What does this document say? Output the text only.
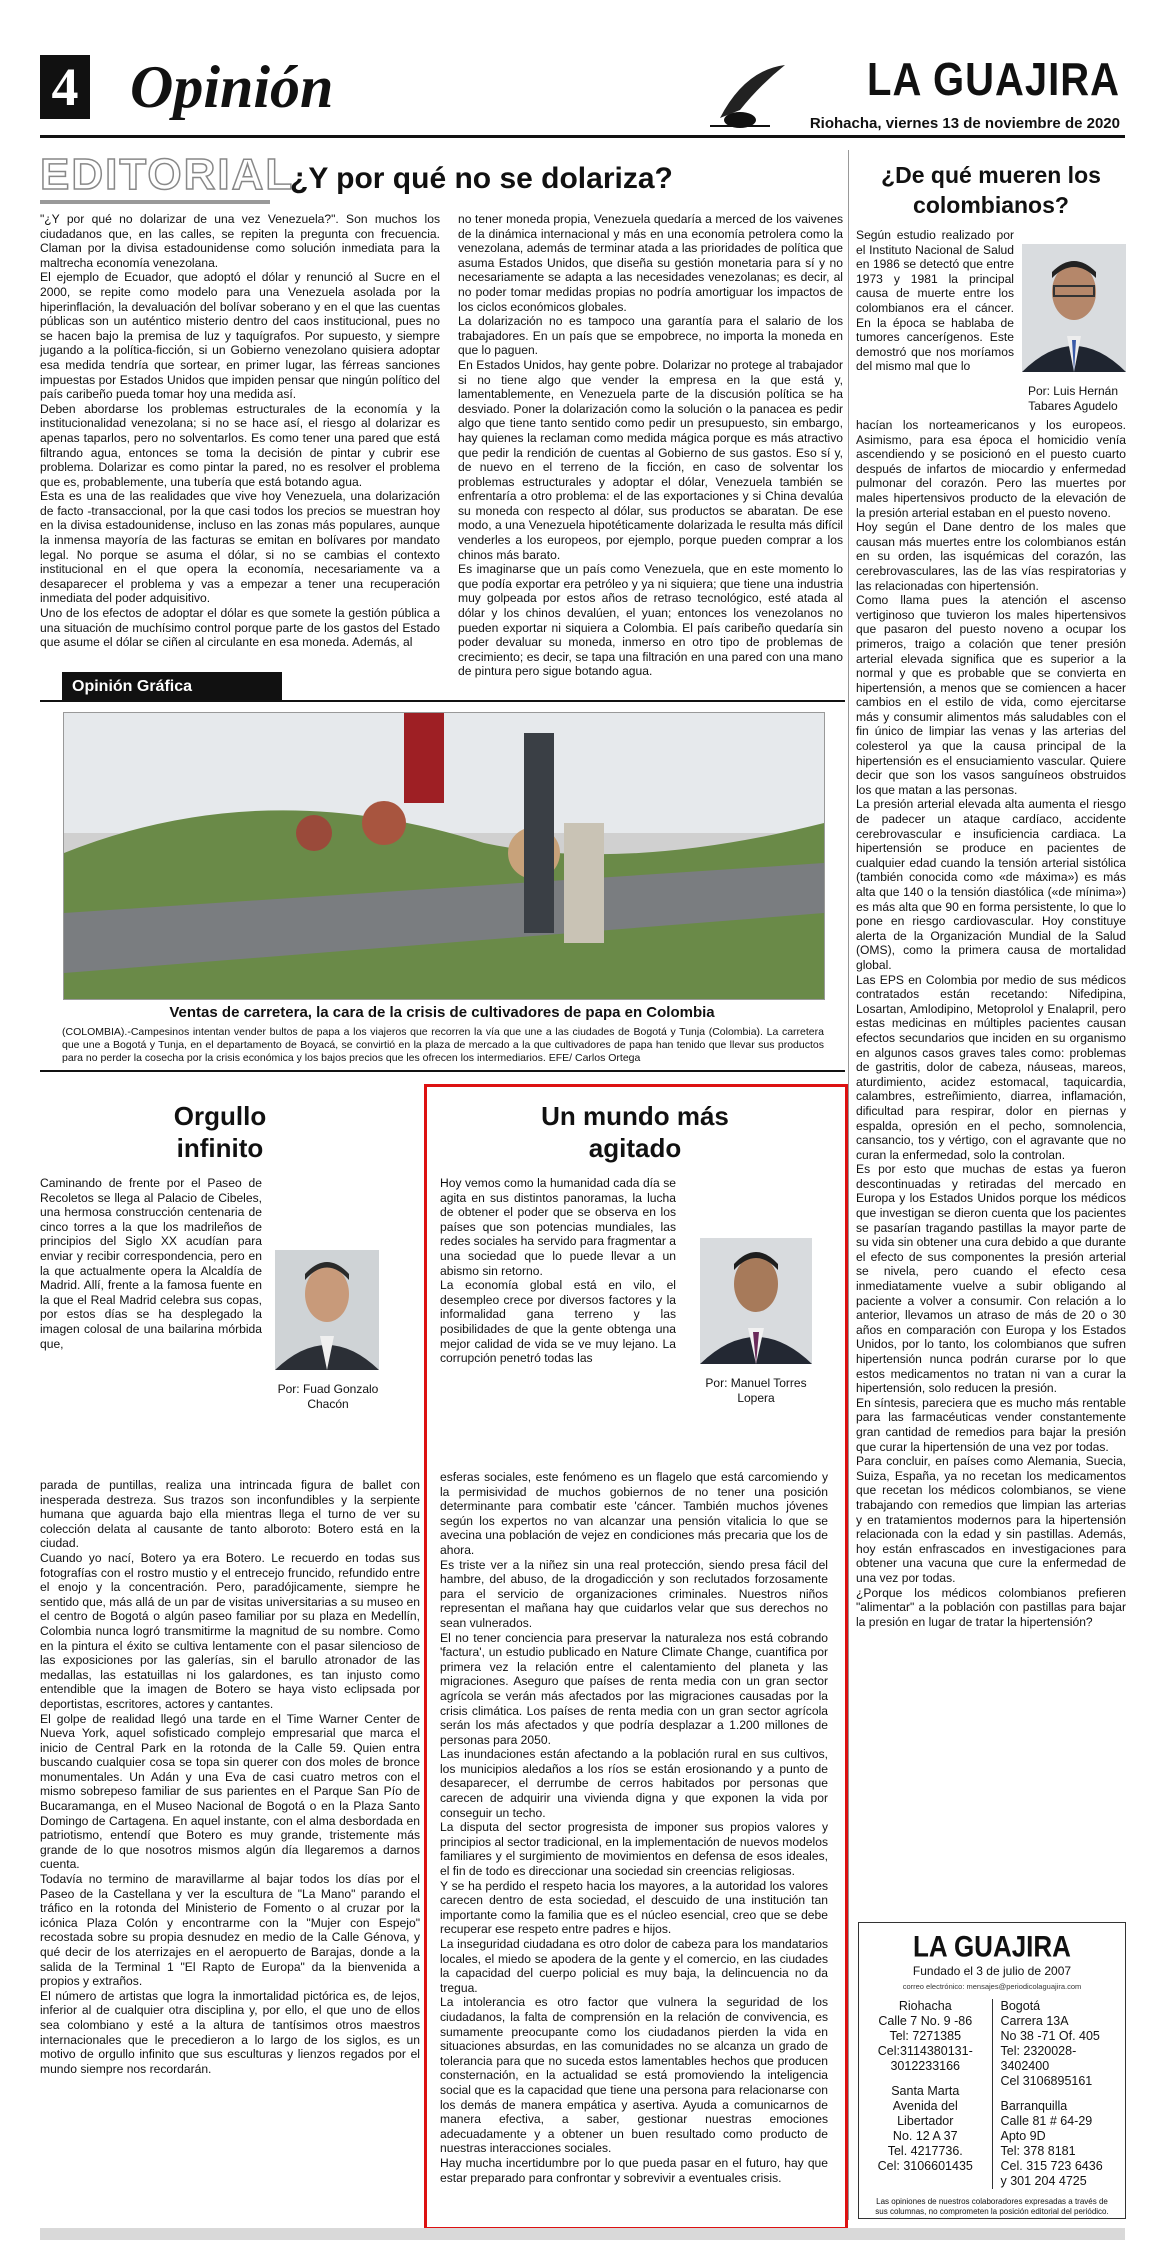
4 Opinión	LA GUAJIRA
Riohacha, viernes 13 de noviembre de 2020
EDITORIAL
¿Y por qué no se dolariza?

"¿Y por qué no dolarizar de una vez Venezuela?". Son muchos los ciudadanos que, en las calles, se repiten la pregunta con frecuencia. Claman por la divisa estadounidense como solución inmediata para la maltrecha economía venezolana.

El ejemplo de Ecuador, que adoptó el dólar y renunció al Sucre en el 2000, se repite como modelo para una Venezuela asolada por la hiperinflación, la devaluación del bolívar soberano y en el que las cuentas públicas son un auténtico misterio dentro del caos institucional, pues no se hacen bajo la premisa de luz y taquígrafos. Por supuesto, y siempre jugando a la política-ficción, si un Gobierno venezolano quisiera adoptar esa medida tendría que sortear, en primer lugar, las férreas sanciones impuestas por Estados Unidos que impiden pensar que ningún político del país caribeño pueda tomar hoy una medida así.

Deben abordarse los problemas estructurales de la economía y la institucionalidad venezolana; si no se hace así, el riesgo al dolarizar es apenas taparlos, pero no solventarlos. Es como tener una pared que está filtrando agua, entonces se toma la decisión de pintar y cubrir ese problema. Dolarizar es como pintar la pared, no es resolver el problema que es, probablemente, una tubería que está botando agua.

Esta es una de las realidades que vive hoy Venezuela, una dolarización de facto -transaccional, por la que casi todos los precios se muestran hoy en la divisa estadounidense, incluso en las zonas más populares, aunque la inmensa mayoría de las facturas se emitan en bolívares por mandato legal. No porque se asuma el dólar, si no se cambias el contexto institucional en el que opera la economía, necesariamente va a desaparecer el problema y vas a empezar a tener una recuperación inmediata del poder adquisitivo.

Uno de los efectos de adoptar el dólar es que somete la gestión pública a una situación de muchísimo control porque parte de los gastos del Estado que asume el dólar se ciñen al circulante en esa moneda. Además, al

no tener moneda propia, Venezuela quedaría a merced de los vaivenes de la dinámica internacional y más en una economía petrolera como la venezolana, además de terminar atada a las prioridades de política que asuma Estados Unidos, que diseña su gestión monetaria para sí y no necesariamente se adapta a las necesidades venezolanas; es decir, al no poder tomar medidas propias no podría amortiguar los impactos de los ciclos económicos globales.

La dolarización no es tampoco una garantía para el salario de los trabajadores. En un país que se empobrece, no importa la moneda en que lo paguen.

En Estados Unidos, hay gente pobre. Dolarizar no protege al trabajador si no tiene algo que vender la empresa en la que está y, lamentablemente, en Venezuela parte de la discusión política se ha desviado. Poner la dolarización como la solución o la panacea es pedir algo que tiene tanto sentido como pedir un presupuesto, sin embargo, hay quienes la reclaman como medida mágica porque es más atractivo que pedir la rendición de cuentas al Gobierno de sus gastos. Eso sí y, de nuevo en el terreno de la ficción, en caso de solventar los problemas estructurales y adoptar el dólar, Venezuela también se enfrentaría a otro problema: el de las exportaciones y si China devalúa su moneda con respecto al dólar, sus productos se abaratan. De ese modo, a una Venezuela hipotéticamente dolarizada le resulta más difícil venderles a los europeos, por ejemplo, porque pueden comprar a los chinos más barato.

Es imaginarse que un país como Venezuela, que en este momento lo que podía exportar era petróleo y ya ni siquiera; que tiene una industria muy golpeada por estos años de retraso tecnológico, esté atada al dólar y los chinos devalúen, el yuan; entonces los venezolanos no pueden exportar ni siquiera a Colombia. El país caribeño quedaría sin poder devaluar su moneda, inmerso en otro tipo de problemas de crecimiento; es decir, se tapa una filtración en una pared con una mano de pintura pero sigue botando agua.

Opinión Gráfica
Ventas de carretera, la cara de la crisis de cultivadores de papa en Colombia
(COLOMBIA).-Campesinos intentan vender bultos de papa a los viajeros que recorren la vía que une a las ciudades de Bogotá y Tunja (Colombia). La carretera que une a Bogotá y Tunja, en el departamento de Boyacá, se convirtió en la plaza de mercado a la que cultivadores de papa han tenido que llevar sus productos para no perder la cosecha por la crisis económica y los bajos precios que les ofrecen los intermediarios. EFE/ Carlos Ortega
Orgullo
infinito
Caminando de frente por el Paseo de Recoletos se llega al Palacio de Cibeles, una hermosa construcción centenaria de cinco torres a la que los madrileños de principios del Siglo XX acudían para enviar y recibir correspondencia, pero en la que actualmente opera la Alcaldía de Madrid. Allí, frente a la famosa fuente en la que el Real Madrid celebra sus copas, por estos días se ha desplegado la imagen colosal de una bailarina mórbida que,
Por: Fuad Gonzalo Chacón

parada de puntillas, realiza una intrincada figura de ballet con inesperada destreza. Sus trazos son inconfundibles y la serpiente humana que aguarda bajo ella mientras llega el turno de ver su colección delata al causante de tanto alboroto: Botero está en la ciudad.

Cuando yo nací, Botero ya era Botero. Le recuerdo en todas sus fotografías con el rostro mustio y el entrecejo fruncido, refundido entre el enojo y la concentración. Pero, paradójicamente, siempre he sentido que, más allá de un par de visitas universitarias a su museo en el centro de Bogotá o algún paseo familiar por su plaza en Medellín, Colombia nunca logró transmitirme la magnitud de su nombre. Como en la pintura el éxito se cultiva lentamente con el pasar silencioso de las exposiciones por las galerías, sin el barullo atronador de las medallas, las estatuillas ni los galardones, es tan injusto como entendible que la imagen de Botero se haya visto eclipsada por deportistas, escritores, actores y cantantes.

El golpe de realidad llegó una tarde en el Time Warner Center de Nueva York, aquel sofisticado complejo empresarial que marca el inicio de Central Park en la rotonda de la Calle 59. Quien entra buscando cualquier cosa se topa sin querer con dos moles de bronce monumentales. Un Adán y una Eva de casi cuatro metros con el mismo sobrepeso familiar de sus parientes en el Parque San Pío de Bucaramanga, en el Museo Nacional de Bogotá o en la Plaza Santo Domingo de Cartagena. En aquel instante, con el alma desbordada en patriotismo, entendí que Botero es muy grande, tristemente más grande de lo que nosotros mismos algún día llegaremos a darnos cuenta.

Todavía no termino de maravillarme al bajar todos los días por el Paseo de la Castellana y ver la escultura de "La Mano" parando el tráfico en la rotonda del Ministerio de Fomento o al cruzar por la icónica Plaza Colón y encontrarme con la "Mujer con Espejo" recostada sobre su propia desnudez en medio de la Calle Génova, y qué decir de los aterrizajes en el aeropuerto de Barajas, donde a la salida de la Terminal 1 "El Rapto de Europa" da la bienvenida a propios y extraños.

El número de artistas que logra la inmortalidad pictórica es, de lejos, inferior al de cualquier otra disciplina y, por ello, el que uno de ellos sea colombiano y esté a la altura de tantísimos otros maestros internacionales que le precedieron a lo largo de los siglos, es un motivo de orgullo infinito que sus esculturas y lienzos regados por el mundo siempre nos recordarán.

Un mundo más
agitado

Hoy vemos como la humanidad cada día se agita en sus distintos panoramas, la lucha de obtener el poder que se observa en los países que son potencias mundiales, las redes sociales ha servido para fragmentar a una sociedad que lo puede llevar a un abismo sin retorno.

La economía global está en vilo, el desempleo crece por diversos factores y la informalidad gana terreno y las posibilidades de que la gente obtenga una mejor calidad de vida se ve muy lejano. La corrupción penetró todas las

Por: Manuel Torres Lopera

esferas sociales, este fenómeno es un flagelo que está carcomiendo y la permisividad de muchos gobiernos de no tener una posición determinante para combatir este 'cáncer. También muchos jóvenes según los expertos no van alcanzar una pensión vitalicia lo que se avecina una población de vejez en condiciones más precaria que los de ahora.

Es triste ver a la niñez sin una real protección, siendo presa fácil del hambre, del abuso, de la drogadicción y son reclutados forzosamente para el servicio de organizaciones criminales. Nuestros niños representan el mañana hay que cuidarlos velar que sus derechos no sean vulnerados.

El no tener conciencia para preservar la naturaleza nos está cobrando 'factura', un estudio publicado en Nature Climate Change, cuantifica por primera vez la relación entre el calentamiento del planeta y las migraciones. Aseguro que países de renta media con un gran sector agrícola se verán más afectados por las migraciones causadas por la crisis climática. Los países de renta media con un gran sector agrícola serán los más afectados y que podría desplazar a 1.200 millones de personas para 2050.

Las inundaciones están afectando a la población rural en sus cultivos, los municipios aledaños a los ríos se están erosionando y a punto de desaparecer, el derrumbe de cerros habitados por personas que carecen de adquirir una vivienda digna y que exponen la vida por conseguir un techo.

La disputa del sector progresista de imponer sus propios valores y principios al sector tradicional, en la implementación de nuevos modelos familiares y el surgimiento de movimientos en defensa de esos ideales, el fin de todo es direccionar una sociedad sin creencias religiosas.

Y se ha perdido el respeto hacia los mayores, a la autoridad los valores carecen dentro de esta sociedad, el descuido de una institución tan importante como la familia que es el núcleo esencial, creo que se debe recuperar ese respeto entre padres e hijos.

La inseguridad ciudadana es otro dolor de cabeza para los mandatarios locales, el miedo se apodera de la gente y el comercio, en las ciudades la capacidad del cuerpo policial es muy baja, la delincuencia no da tregua.

La intolerancia es otro factor que vulnera la seguridad de los ciudadanos, la falta de comprensión en la relación de convivencia, es sumamente preocupante como los ciudadanos pierden la vida en situaciones absurdas, en las comunidades no se alcanza un grado de tolerancia para que no suceda estos lamentables hechos que producen consternación, en la actualidad se está promoviendo la inteligencia social que es la capacidad que tiene una persona para relacionarse con los demás de manera empática y asertiva. Ayuda a comunicarnos de manera efectiva, a saber, gestionar nuestras emociones adecuadamente y a obtener un buen resultado como producto de nuestras interacciones sociales.

Hay mucha incertidumbre por lo que pueda pasar en el futuro, hay que estar preparado para confrontar y sobrevivir a eventuales crisis.

¿De qué mueren los colombianos?
Según estudio realizado por el Instituto Nacional de Salud en 1986 se detectó que entre 1973 y 1981 la principal causa de muerte entre los colombianos era el cáncer. En la época se hablaba de tumores cancerígenos. Este demostró que nos moríamos del mismo mal que lo
Por: Luis Hernán Tabares Agudelo

hacían los norteamericanos y los europeos. Asimismo, para esa época el homicidio venía ascendiendo y se posicionó en el puesto cuarto después de infartos de miocardio y enfermedad pulmonar del corazón. Pero las muertes por males hipertensivos producto de la elevación de la presión arterial estaban en el puesto noveno.

Hoy según el Dane dentro de los males que causan más muertes entre los colombianos están en su orden, las isquémicas del corazón, las cerebrovasculares, las de las vías respiratorias y las relacionadas con hipertensión.

Como llama pues la atención el ascenso vertiginoso que tuvieron los males hipertensivos que pasaron del puesto noveno a ocupar los primeros, traigo a colación que tener presión arterial elevada significa que es superior a la normal y que es probable que se convierta en hipertensión, a menos que se comiencen a hacer cambios en el estilo de vida, como ejercitarse más y consumir alimentos más saludables con el fin único de limpiar las venas y las arterias del colesterol ya que la causa principal de la hipertensión es el ensuciamiento vascular. Quiere decir que son los vasos sanguíneos obstruidos los que matan a las personas.

La presión arterial elevada alta aumenta el riesgo de padecer un ataque cardíaco, accidente cerebrovascular e insuficiencia cardiaca. La hipertensión se produce en pacientes de cualquier edad cuando la tensión arterial sistólica (también conocida como «de máxima») es más alta que 140 o la tensión diastólica («de mínima») es más alta que 90 en forma persistente, lo que lo pone en riesgo cardiovascular. Hoy constituye alerta de la Organización Mundial de la Salud (OMS), como la primera causa de mortalidad global.

Las EPS en Colombia por medio de sus médicos contratados están recetando: Nifedipina, Losartan, Amlodipino, Metoprolol y Enalapril, pero estas medicinas en múltiples pacientes causan efectos secundarios que inciden en su organismo en algunos casos graves tales como: problemas de gastritis, dolor de cabeza, náuseas, mareos, aturdimiento, acidez estomacal, taquicardia, calambres, estreñimiento, diarrea, inflamación, dificultad para respirar, dolor en piernas y espalda, opresión en el pecho, somnolencia, cansancio, tos y vértigo, con el agravante que no curan la enfermedad, solo la controlan.

Es por esto que muchas de estas ya fueron descontinuadas y retiradas del mercado en Europa y los Estados Unidos porque los médicos que investigan se dieron cuenta que los pacientes se pasarían tragando pastillas la mayor parte de su vida sin obtener una cura debido a que durante el efecto de sus componentes la presión arterial se nivela, pero cuando el efecto cesa inmediatamente vuelve a subir obligando al paciente a volver a consumir. Con relación a lo anterior, llevamos un atraso de más de 20 o 30 años en comparación con Europa y los Estados Unidos, por lo tanto, los colombianos que sufren hipertensión nunca podrán curarse por lo que estos medicamentos no tratan ni van a curar la hipertensión, solo reducen la presión.

En síntesis, pareciera que es mucho más rentable para las farmacéuticas vender constantemente gran cantidad de remedios para bajar la presión que curar la hipertensión de una vez por todas.

Para concluir, en países como Alemania, Suecia, Suiza, España, ya no recetan los medicamentos que recetan los médicos colombianos, se viene trabajando con remedios que limpian las arterias y en tratamientos modernos para la hipertensión relacionada con la edad y sin pastillas. Además, hoy están enfrascados en investigaciones para obtener una vacuna que cure la enfermedad de una vez por todas.

¿Porque los médicos colombianos prefieren "alimentar" a la población con pastillas para bajar la presión en lugar de tratar la hipertensión?

LA GUAJIRA
Fundado el 3 de julio de 2007
correo electrónico: mensajes@periodicolaguajira.com
Riohacha
Calle 7 No. 9 -86
Tel: 7271385
Cel:3114380131-
3012233166
Santa Marta
Avenida del
Libertador
No. 12 A 37
Tel. 4217736.
Cel: 3106601435
Bogotá
Carrera 13A
No 38 -71 Of. 405
Tel: 2320028-
3402400
Cel 3106895161
Barranquilla
Calle 81 # 64-29
Apto 9D
Tel: 378 8181
Cel. 315 723 6436
y 301 204 4725
Las opiniones de nuestros colaboradores expresadas a través de sus columnas, no comprometen la posición editorial del periódico.
